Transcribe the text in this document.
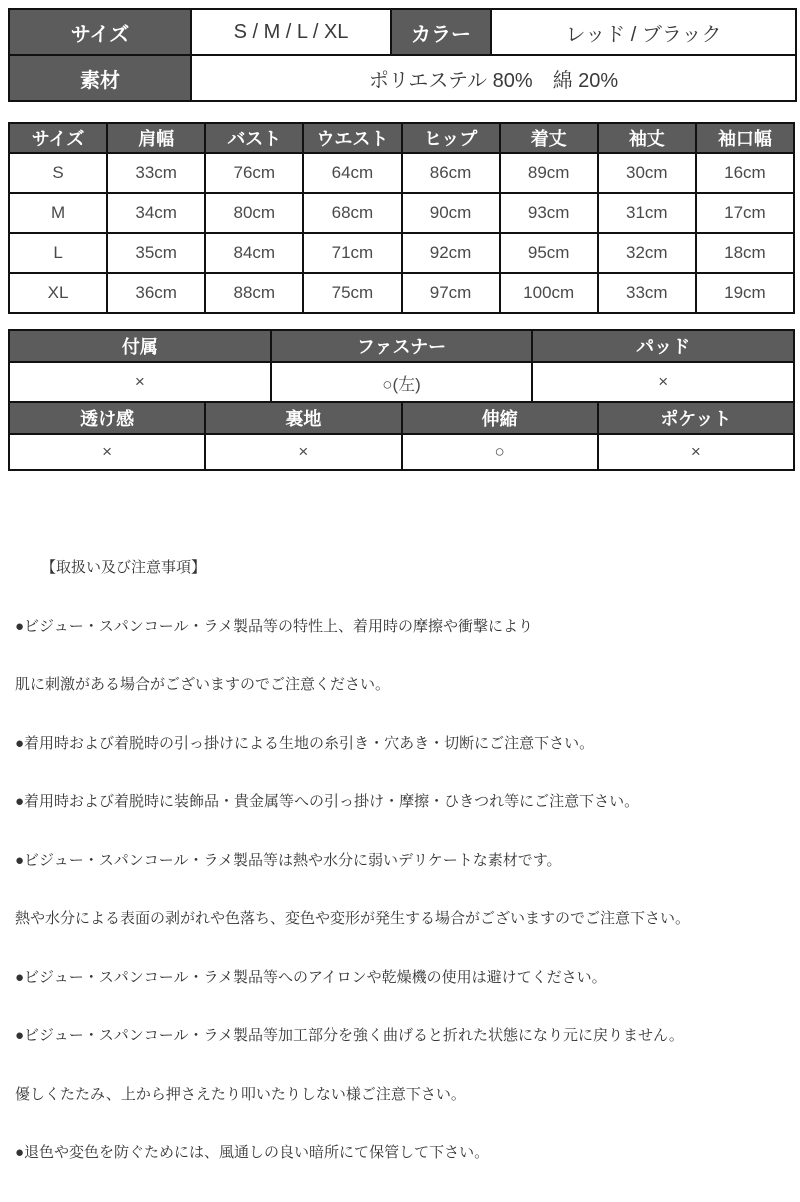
サイズ	S / M / L / XL	カラー	レッド / ブラック
素材	ポリエステル 80%　綿 20%		
サイズ	肩幅	バスト	ウエスト	ヒップ	着丈	袖丈	袖口幅
S	33cm	76cm	64cm	86cm	89cm	30cm	16cm
M	34cm	80cm	68cm	90cm	93cm	31cm	17cm
L	35cm	84cm	71cm	92cm	95cm	32cm	18cm
XL	36cm	88cm	75cm	97cm	100cm	33cm	19cm
付属	ファスナー	パッド
×	○(左)	×
透け感	裏地	伸縮	ポケット
×	×	○	×

【取扱い及び注意事項】

●ビジュー・スパンコール・ラメ製品等の特性上、着用時の摩擦や衝撃により

肌に刺激がある場合がございますのでご注意ください。

●着用時および着脱時の引っ掛けによる生地の糸引き・穴あき・切断にご注意下さい。

●着用時および着脱時に装飾品・貴金属等への引っ掛け・摩擦・ひきつれ等にご注意下さい。

●ビジュー・スパンコール・ラメ製品等は熱や水分に弱いデリケートな素材です。

熱や水分による表面の剥がれや色落ち、変色や変形が発生する場合がございますのでご注意下さい。

●ビジュー・スパンコール・ラメ製品等へのアイロンや乾燥機の使用は避けてください。

●ビジュー・スパンコール・ラメ製品等加工部分を強く曲げると折れた状態になり元に戻りません。

優しくたたみ、上から押さえたり叩いたりしない様ご注意下さい。

●退色や変色を防ぐためには、風通しの良い暗所にて保管して下さい。
